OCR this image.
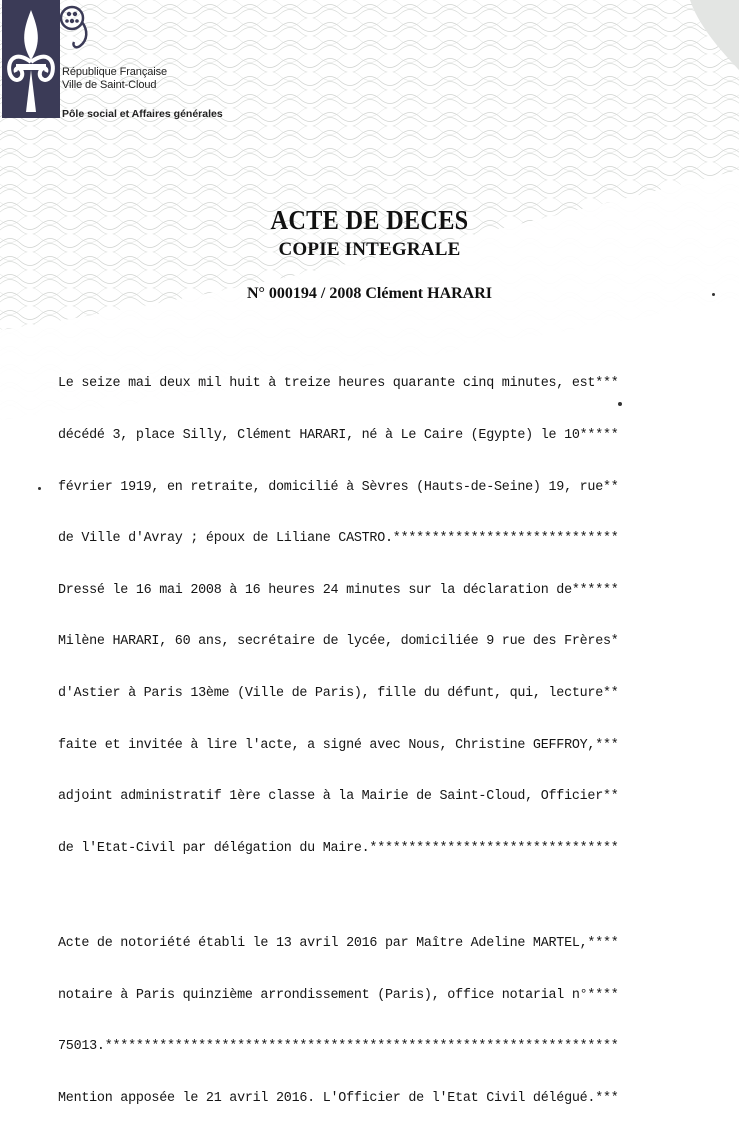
République Française
Ville de Saint-Cloud
Pôle social et Affaires générales
ACTE DE DECES
COPIE INTEGRALE
N° 000194 / 2008 Clément HARARI

Le seize mai deux mil huit à treize heures quarante cinq minutes, est***

décédé 3, place Silly, Clément HARARI, né à Le Caire (Egypte) le 10*****

février 1919, en retraite, domicilié à Sèvres (Hauts-de-Seine) 19, rue**

de Ville d'Avray ; époux de Liliane CASTRO.*****************************

Dressé le 16 mai 2008 à 16 heures 24 minutes sur la déclaration de******

Milène HARARI, 60 ans, secrétaire de lycée, domiciliée 9 rue des Frères*

d'Astier à Paris 13ème (Ville de Paris), fille du défunt, qui, lecture**

faite et invitée à lire l'acte, a signé avec Nous, Christine GEFFROY,***

adjoint administratif 1ère classe à la Mairie de Saint-Cloud, Officier**

de l'Etat-Civil par délégation du Maire.********************************

Acte de notoriété établi le 13 avril 2016 par Maître Adeline MARTEL,****

notaire à Paris quinzième arrondissement (Paris), office notarial n°****

75013.******************************************************************

Mention apposée le 21 avril 2016. L'Officier de l'Etat Civil délégué.***
